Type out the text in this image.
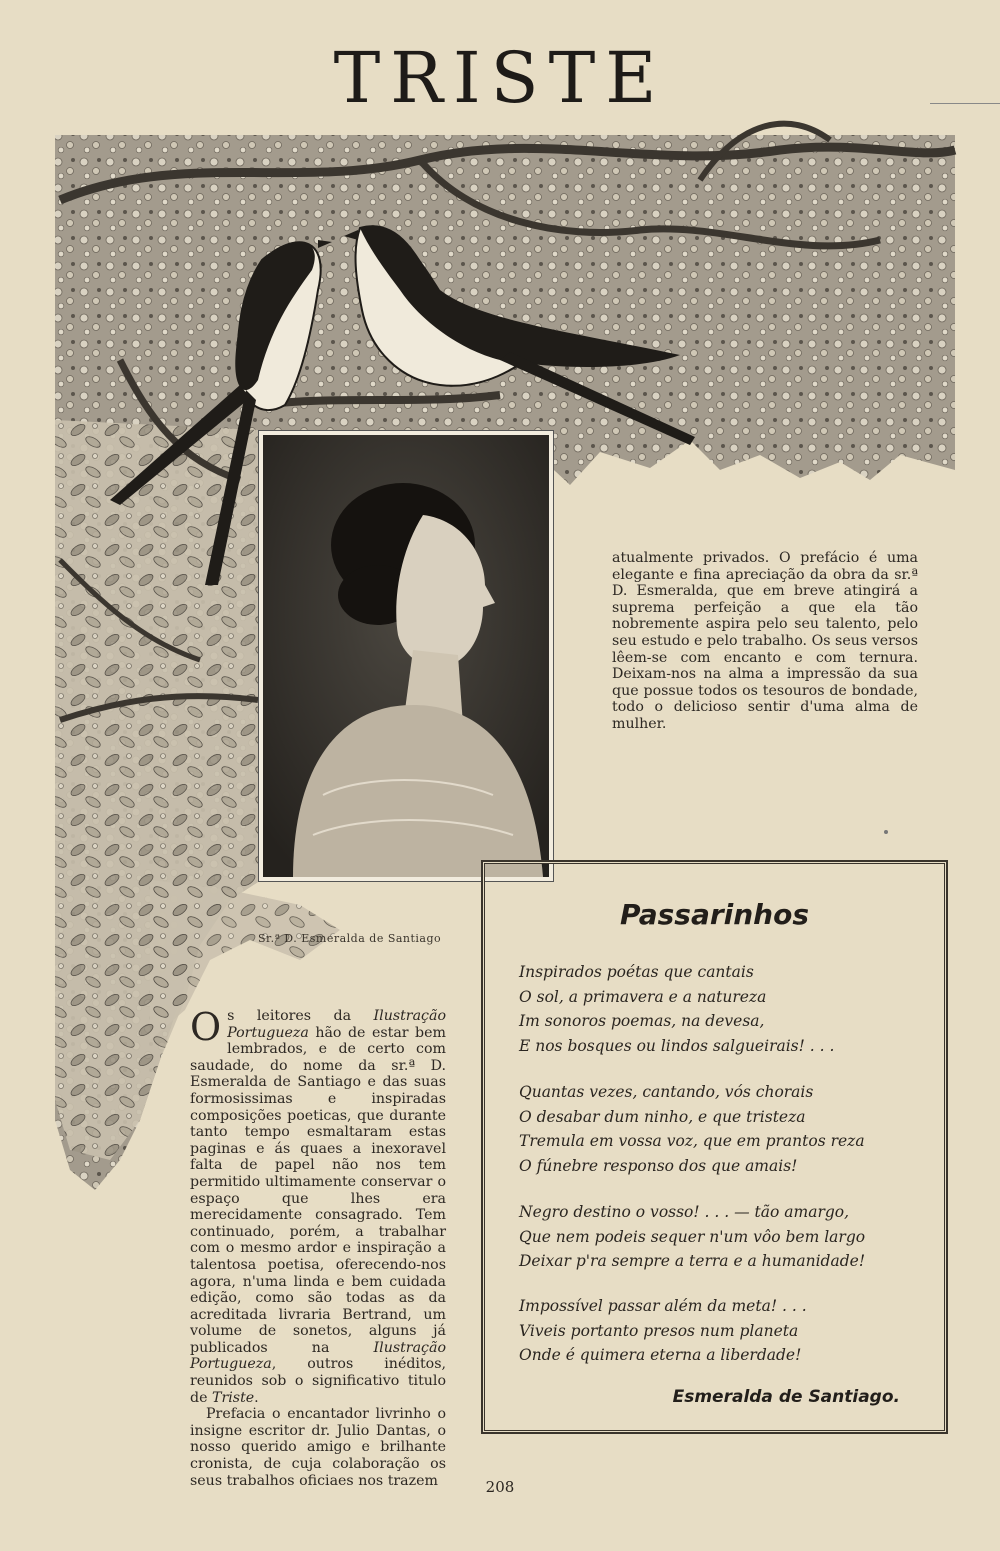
TRISTE
Sr.ª D. Esmeralda de Santiago
atualmente privados. O prefácio é uma elegante e fina apreciação da obra da sr.ª D. Esmeralda, que em breve atingirá a suprema perfeição a que ela tão nobremente aspira pelo seu talento, pelo seu estudo e pelo trabalho. Os seus versos lêem-se com encanto e com ternura. Deixam-nos na alma a impressão da sua que possue todos os tesouros de bondade, todo o delicioso sentir d'uma alma de mulher.

Os leitores da Ilustração Portugueza hão de estar bem lembrados, e de certo com saudade, do nome da sr.ª D. Esmeralda de Santiago e das suas formosissimas e inspiradas composições poeticas, que durante tanto tempo esmaltaram estas paginas e ás quaes a inexoravel falta de papel não nos tem permitido ultimamente conservar o espaço que lhes era merecidamente consagrado. Tem continuado, porém, a trabalhar com o mesmo ardor e inspiração a talentosa poetisa, oferecendo-nos agora, n'uma linda e bem cuidada edição, como são todas as da acreditada livraria Bertrand, um volume de sonetos, alguns já publicados na Ilustração Portugueza, outros inéditos, reunidos sob o significativo titulo de Triste.

Prefacia o encantador livrinho o insigne escritor dr. Julio Dantas, o nosso querido amigo e brilhante cronista, de cuja colaboração os seus trabalhos oficiaes nos trazem

Passarinhos
Inspirados poétas que cantais
O sol, a primavera e a natureza
Im sonoros poemas, na devesa,
E nos bosques ou lindos salgueirais! . . .
Quantas vezes, cantando, vós chorais
O desabar dum ninho, e que tristeza
Tremula em vossa voz, que em prantos reza
O fúnebre responso dos que amais!
Negro destino o vosso! . . . — tão amargo,
Que nem podeis sequer n'um vôo bem largo
Deixar p'ra sempre a terra e a humanidade!
Impossível passar além da meta! . . .
Viveis portanto presos num planeta
Onde é quimera eterna a liberdade!
Esmeralda de Santiago.
208
